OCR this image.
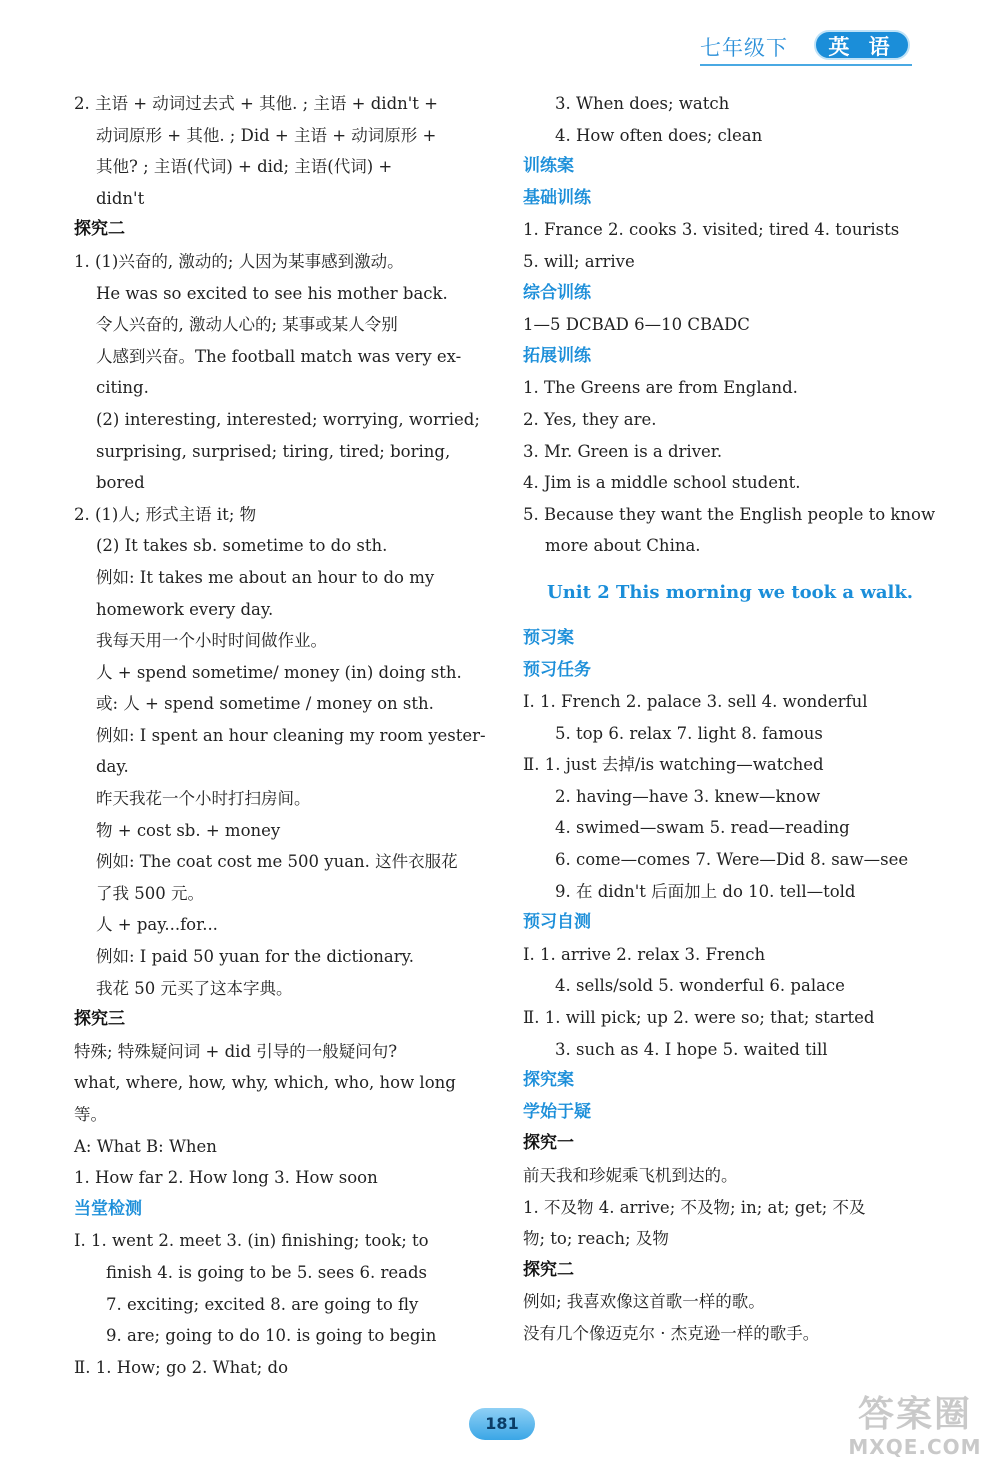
七年级下	英 语
2. 主语 + 动词过去式 + 其他. ; 主语 + didn't +
动词原形 + 其他. ; Did + 主语 + 动词原形 +
其他? ; 主语(代词) + did; 主语(代词) +
didn't
探究二
1. (1)兴奋的, 激动的; 人因为某事感到激动。
He was so excited to see his mother back.
令人兴奋的, 激动人心的; 某事或某人令别
人感到兴奋。The football match was very ex-
citing.
(2) interesting, interested; worrying, worried;
surprising, surprised; tiring, tired; boring,
bored
2. (1)人; 形式主语 it; 物
(2) It takes sb. sometime to do sth.
例如: It takes me about an hour to do my
homework every day.
我每天用一个小时时间做作业。
人 + spend sometime/ money (in) doing sth.
或: 人 + spend sometime / money on sth.
例如: I spent an hour cleaning my room yester-
day.
昨天我花一个小时打扫房间。
物 + cost sb. + money
例如: The coat cost me 500 yuan. 这件衣服花
了我 500 元。
人 + pay...for...
例如: I paid 50 yuan for the dictionary.
我花 50 元买了这本字典。
探究三
特殊; 特殊疑问词 + did 引导的一般疑问句?
what, where, how, why, which, who, how long
等。
A: What B: When
1. How far 2. How long 3. How soon
当堂检测
Ⅰ. 1. went 2. meet 3. (in) finishing; took; to
finish 4. is going to be 5. sees 6. reads
7. exciting; excited 8. are going to fly
9. are; going to do 10. is going to begin
Ⅱ. 1. How; go 2. What; do
3. When does; watch
4. How often does; clean
训练案
基础训练
1. France 2. cooks 3. visited; tired 4. tourists
5. will; arrive
综合训练
1—5 DCBAD 6—10 CBADC
拓展训练
1. The Greens are from England.
2. Yes, they are.
3. Mr. Green is a driver.
4. Jim is a middle school student.
5. Because they want the English people to know
more about China.
Unit 2 This morning we took a walk.
预习案
预习任务
Ⅰ. 1. French 2. palace 3. sell 4. wonderful
5. top 6. relax 7. light 8. famous
Ⅱ. 1. just 去掉/is watching—watched
2. having—have 3. knew—know
4. swimed—swam 5. read—reading
6. come—comes 7. Were—Did 8. saw—see
9. 在 didn't 后面加上 do 10. tell—told
预习自测
Ⅰ. 1. arrive 2. relax 3. French
4. sells/sold 5. wonderful 6. palace
Ⅱ. 1. will pick; up 2. were so; that; started
3. such as 4. I hope 5. waited till
探究案
学始于疑
探究一
前天我和珍妮乘飞机到达的。
1. 不及物 4. arrive; 不及物; in; at; get; 不及
物; to; reach; 及物
探究二
例如; 我喜欢像这首歌一样的歌。
没有几个像迈克尔 · 杰克逊一样的歌手。
181	答案圈
MXQE.COM
